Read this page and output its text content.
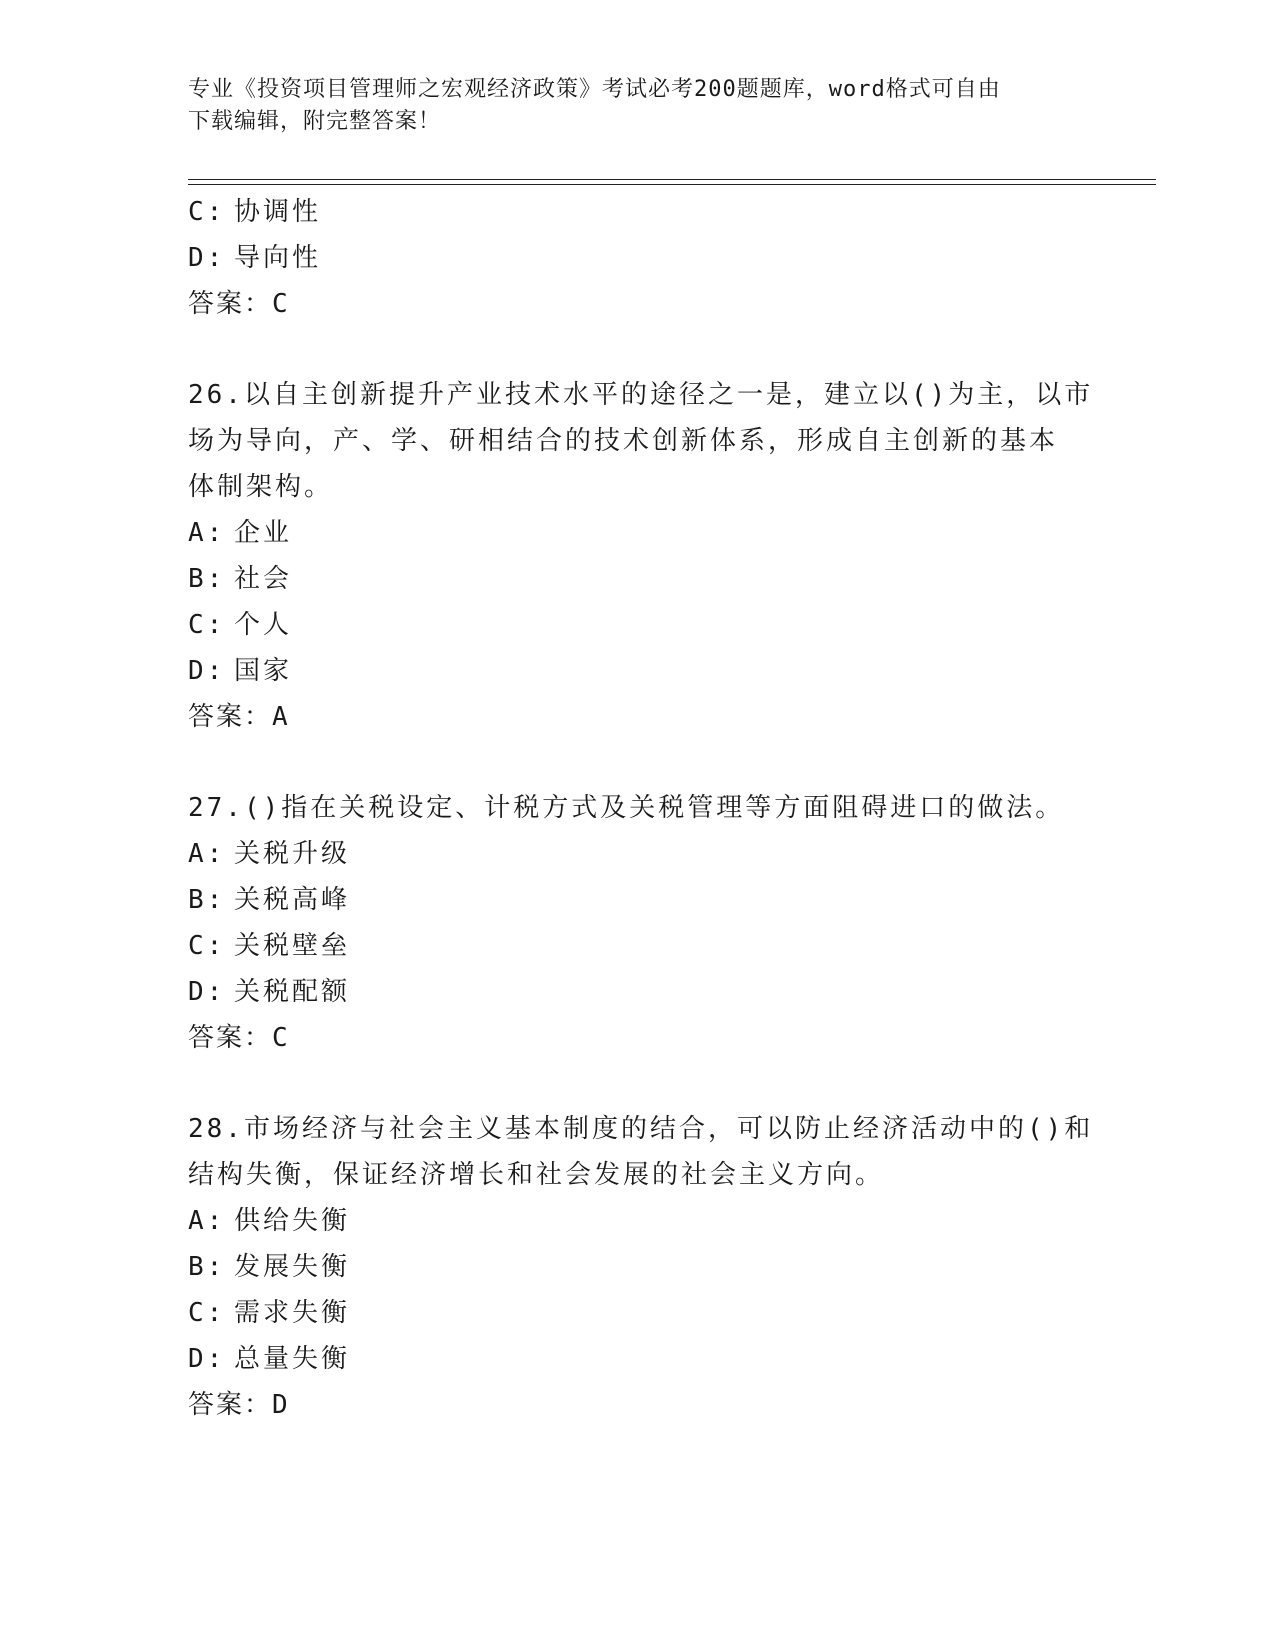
专业《投资项目管理师之宏观经济政策》考试必考200题题库，word格式可自由
下载编辑，附完整答案！
C: 协调性
D: 导向性
答案：C
26.以自主创新提升产业技术水平的途径之一是，建立以()为主，以市
场为导向，产、学、研相结合的技术创新体系，形成自主创新的基本
体制架构。
A: 企业
B: 社会
C: 个人
D: 国家
答案：A
27.()指在关税设定、计税方式及关税管理等方面阻碍进口的做法。
A: 关税升级
B: 关税高峰
C: 关税壁垒
D: 关税配额
答案：C
28.市场经济与社会主义基本制度的结合，可以防止经济活动中的()和
结构失衡，保证经济增长和社会发展的社会主义方向。
A: 供给失衡
B: 发展失衡
C: 需求失衡
D: 总量失衡
答案：D
